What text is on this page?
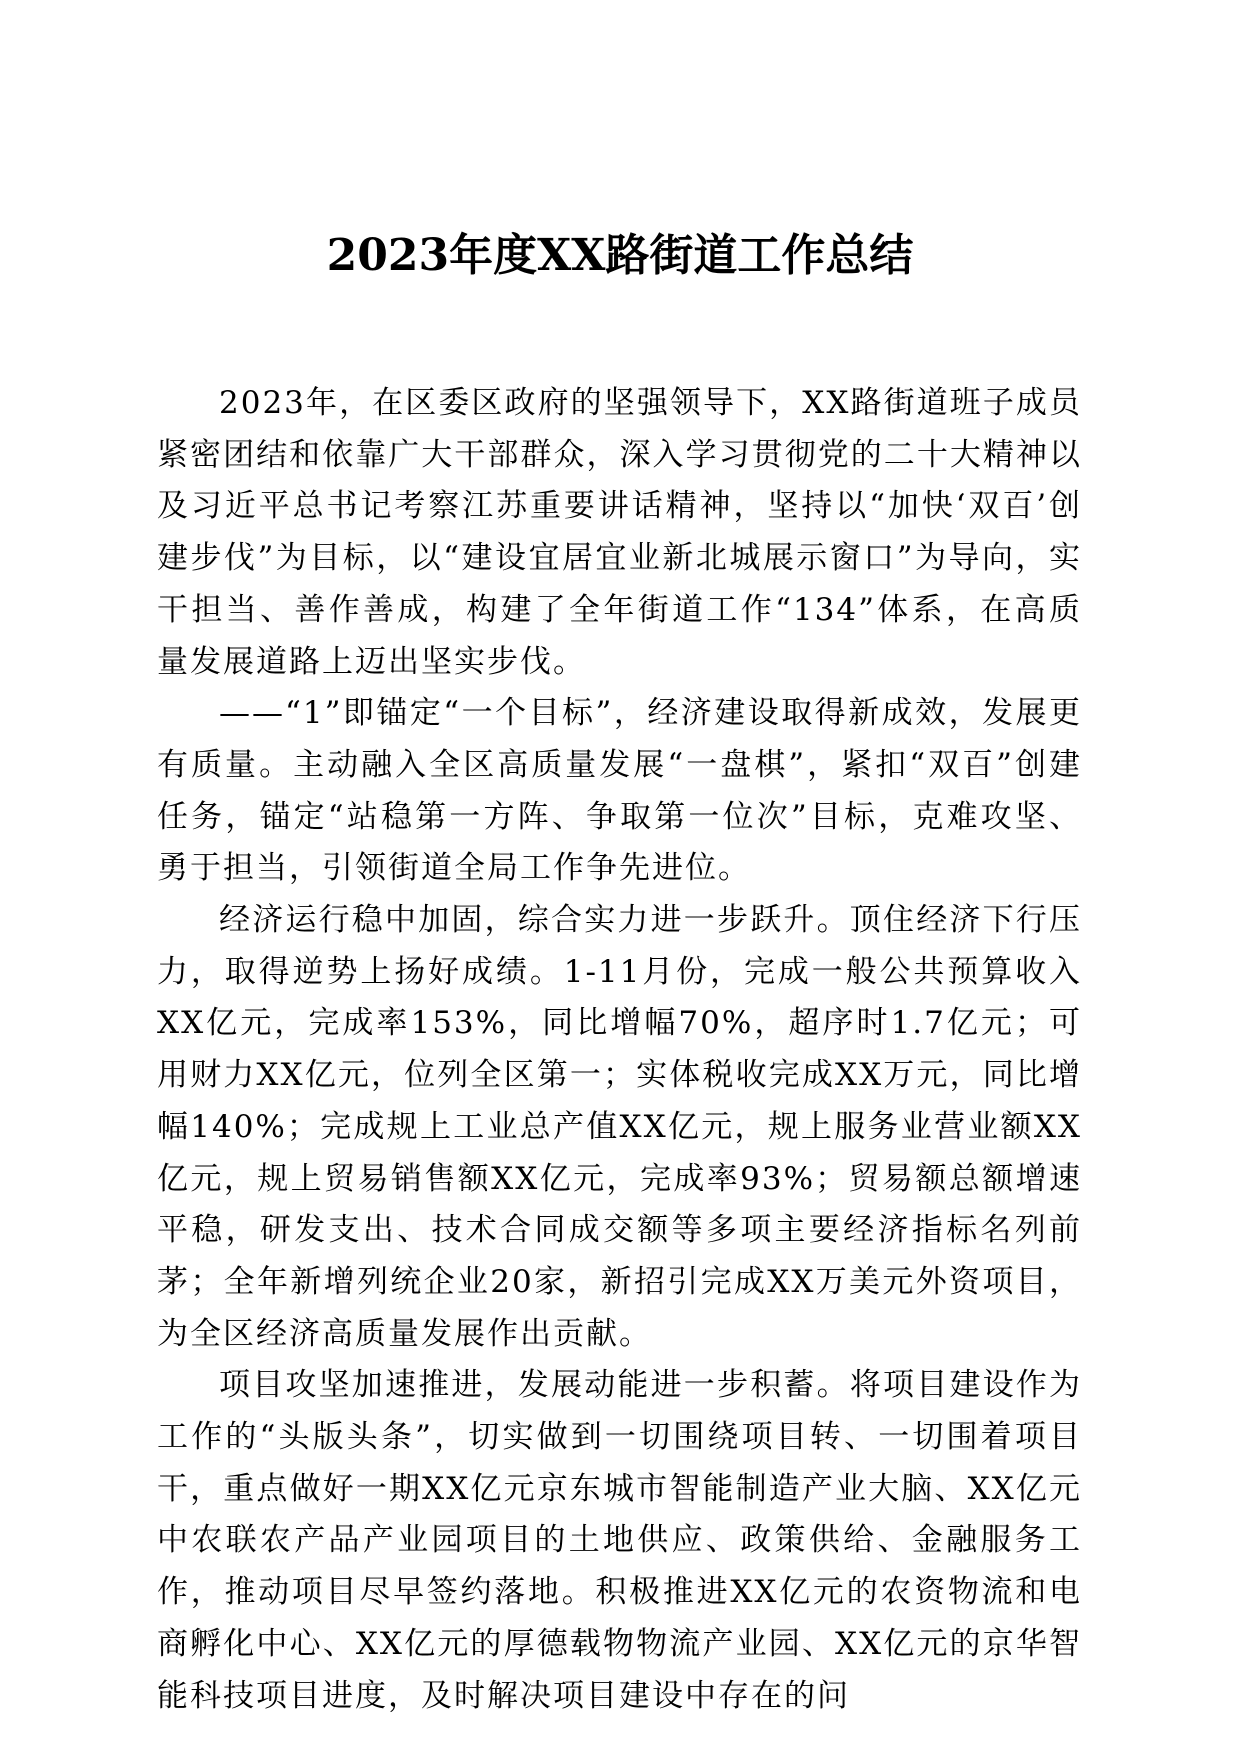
2023年度XX路街道工作总结

2023年，在区委区政府的坚强领导下，XX路街道班子成员紧密团结和依靠广大干部群众，深入学习贯彻党的二十大精神以及习近平总书记考察江苏重要讲话精神，坚持以“加快‘双百’创建步伐”为目标，以“建设宜居宜业新北城展示窗口”为导向，实干担当、善作善成，构建了全年街道工作“134”体系，在高质量发展道路上迈出坚实步伐。

——“1”即锚定“一个目标”，经济建设取得新成效，发展更有质量。主动融入全区高质量发展“一盘棋”，紧扣“双百”创建任务，锚定“站稳第一方阵、争取第一位次”目标，克难攻坚、勇于担当，引领街道全局工作争先进位。

经济运行稳中加固，综合实力进一步跃升。顶住经济下行压力，取得逆势上扬好成绩。1-11月份，完成一般公共预算收入XX亿元，完成率153%，同比增幅70%，超序时1.7亿元；可用财力XX亿元，位列全区第一；实体税收完成XX万元，同比增幅140%；完成规上工业总产值XX亿元，规上服务业营业额XX亿元，规上贸易销售额XX亿元，完成率93%；贸易额总额增速平稳，研发支出、技术合同成交额等多项主要经济指标名列前茅；全年新增列统企业20家，新招引完成XX万美元外资项目，为全区经济高质量发展作出贡献。

项目攻坚加速推进，发展动能进一步积蓄。将项目建设作为工作的“头版头条”，切实做到一切围绕项目转、一切围着项目干，重点做好一期XX亿元京东城市智能制造产业大脑、XX亿元中农联农产品产业园项目的土地供应、政策供给、金融服务工作，推动项目尽早签约落地。积极推进XX亿元的农资物流和电商孵化中心、XX亿元的厚德载物物流产业园、XX亿元的京华智能科技项目进度，及时解决项目建设中存在的问
